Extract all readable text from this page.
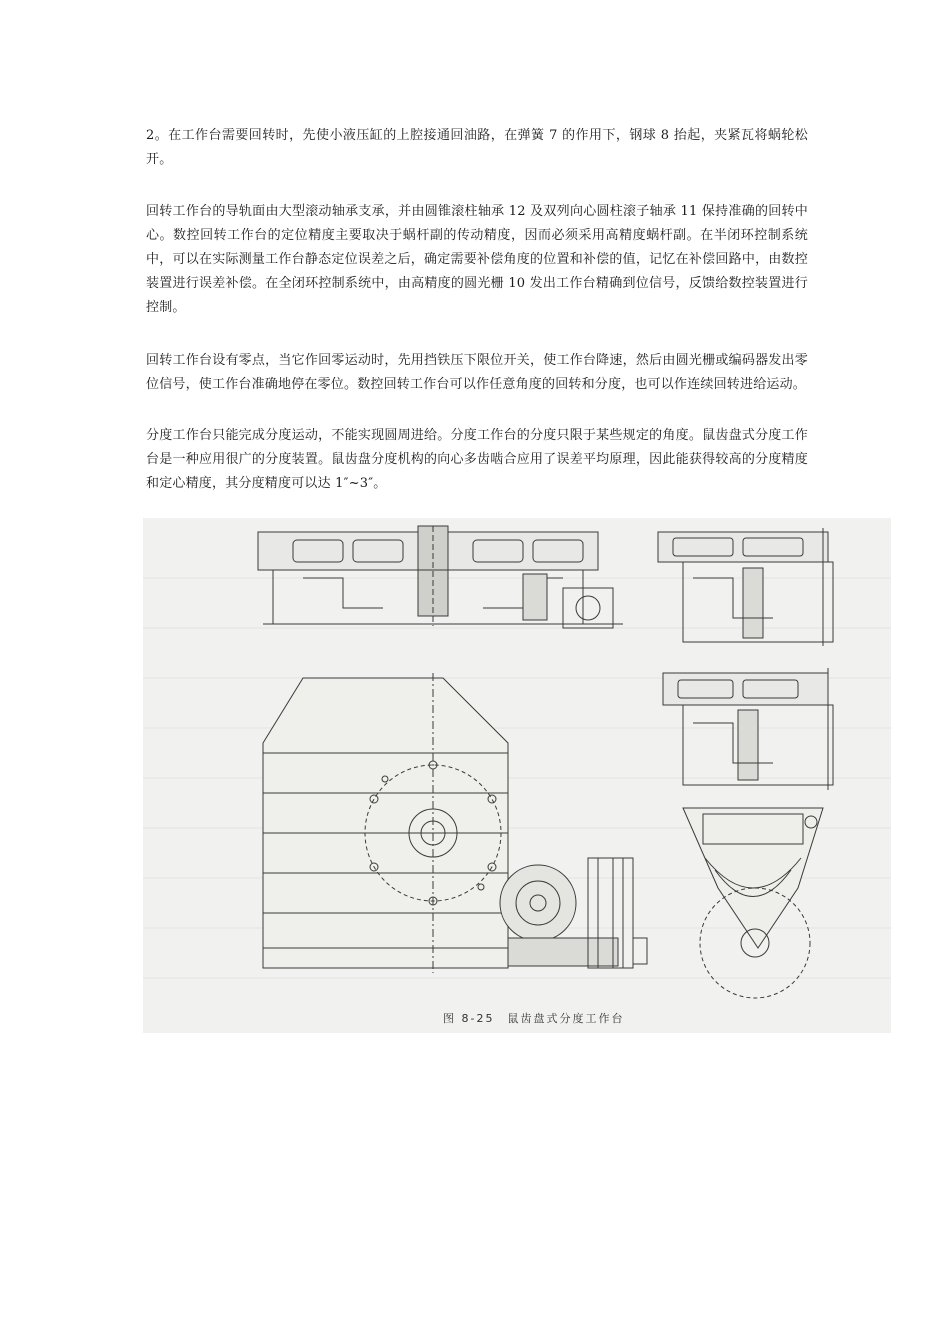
2。在工作台需要回转时，先使小液压缸的上腔接通回油路，在弹簧 7 的作用下，钢球 8 抬起，夹紧瓦将蜗轮松开。

回转工作台的导轨面由大型滚动轴承支承，并由圆锥滚柱轴承 12 及双列向心圆柱滚子轴承 11 保持准确的回转中心。数控回转工作台的定位精度主要取决于蜗杆副的传动精度，因而必须采用高精度蜗杆副。在半闭环控制系统中，可以在实际测量工作台静态定位误差之后，确定需要补偿角度的位置和补偿的值，记忆在补偿回路中，由数控装置进行误差补偿。在全闭环控制系统中，由高精度的圆光栅 10 发出工作台精确到位信号，反馈给数控装置进行控制。

回转工作台设有零点，当它作回零运动时，先用挡铁压下限位开关，使工作台降速，然后由圆光栅或编码器发出零位信号，使工作台准确地停在零位。数控回转工作台可以作任意角度的回转和分度，也可以作连续回转进给运动。

分度工作台只能完成分度运动，不能实现圆周进给。分度工作台的分度只限于某些规定的角度。鼠齿盘式分度工作台是一种应用很广的分度装置。鼠齿盘分度机构的向心多齿啮合应用了误差平均原理，因此能获得较高的分度精度和定心精度，其分度精度可以达 1″~3″。

图 8-25　鼠齿盘式分度工作台
